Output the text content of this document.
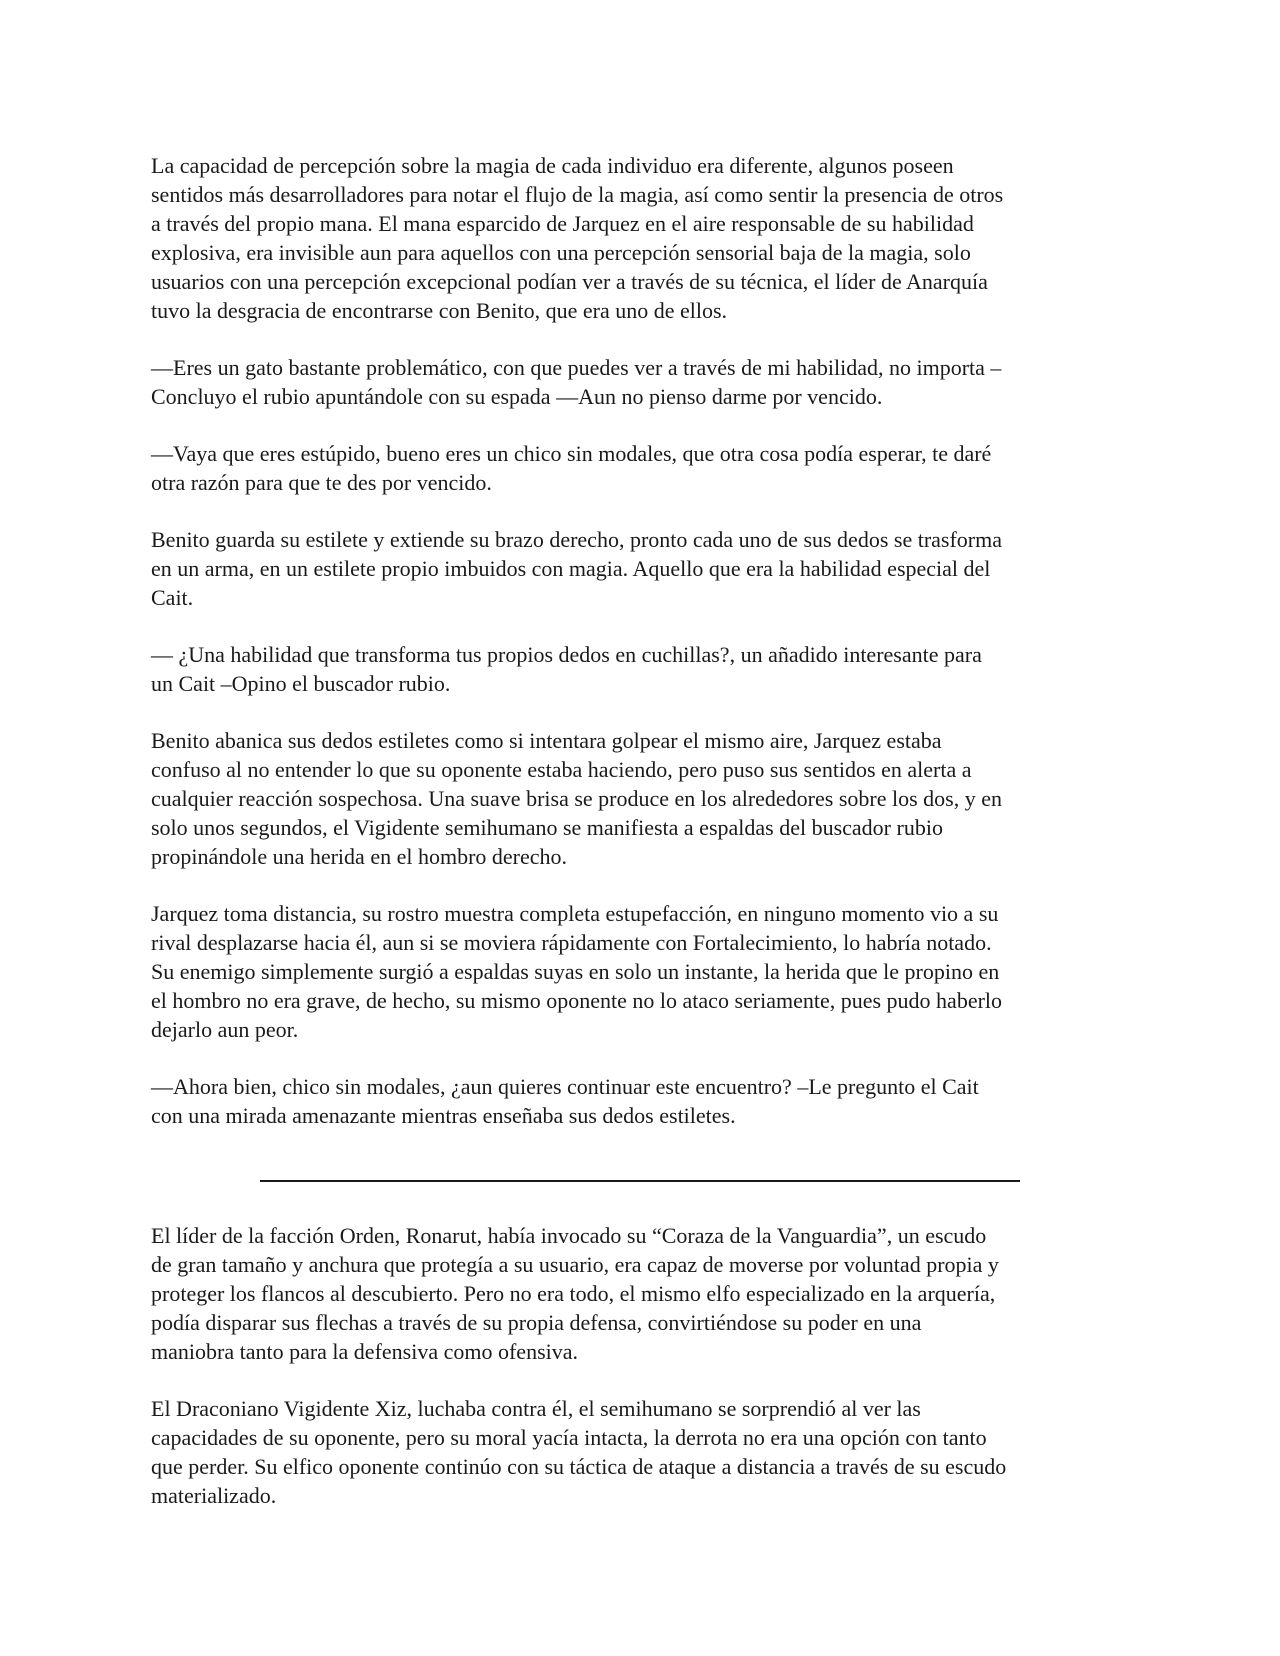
La capacidad de percepción sobre la magia de cada individuo era diferente, algunos poseen
sentidos más desarrolladores para notar el flujo de la magia, así como sentir la presencia de otros
a través del propio mana. El mana esparcido de Jarquez en el aire responsable de su habilidad
explosiva, era invisible aun para aquellos con una percepción sensorial baja de la magia, solo
usuarios con una percepción excepcional podían ver a través de su técnica, el líder de Anarquía
tuvo la desgracia de encontrarse con Benito, que era uno de ellos.

—Eres un gato bastante problemático, con que puedes ver a través de mi habilidad, no importa –
Concluyo el rubio apuntándole con su espada —Aun no pienso darme por vencido.

—Vaya que eres estúpido, bueno eres un chico sin modales, que otra cosa podía esperar, te daré
otra razón para que te des por vencido.

Benito guarda su estilete y extiende su brazo derecho, pronto cada uno de sus dedos se trasforma
en un arma, en un estilete propio imbuidos con magia. Aquello que era la habilidad especial del
Cait.

— ¿Una habilidad que transforma tus propios dedos en cuchillas?, un añadido interesante para
un Cait –Opino el buscador rubio.

Benito abanica sus dedos estiletes como si intentara golpear el mismo aire, Jarquez estaba
confuso al no entender lo que su oponente estaba haciendo, pero puso sus sentidos en alerta a
cualquier reacción sospechosa. Una suave brisa se produce en los alrededores sobre los dos, y en
solo unos segundos, el Vigidente semihumano se manifiesta a espaldas del buscador rubio
propinándole una herida en el hombro derecho.

Jarquez toma distancia, su rostro muestra completa estupefacción, en ninguno momento vio a su
rival desplazarse hacia él, aun si se moviera rápidamente con Fortalecimiento, lo habría notado.
Su enemigo simplemente surgió a espaldas suyas en solo un instante, la herida que le propino en
el hombro no era grave, de hecho, su mismo oponente no lo ataco seriamente, pues pudo haberlo
dejarlo aun peor.

—Ahora bien, chico sin modales, ¿aun quieres continuar este encuentro? –Le pregunto el Cait
con una mirada amenazante mientras enseñaba sus dedos estiletes.

El líder de la facción Orden, Ronarut, había invocado su “Coraza de la Vanguardia”, un escudo
de gran tamaño y anchura que protegía a su usuario, era capaz de moverse por voluntad propia y
proteger los flancos al descubierto. Pero no era todo, el mismo elfo especializado en la arquería,
podía disparar sus flechas a través de su propia defensa, convirtiéndose su poder en una
maniobra tanto para la defensiva como ofensiva.

El Draconiano Vigidente Xiz, luchaba contra él, el semihumano se sorprendió al ver las
capacidades de su oponente, pero su moral yacía intacta, la derrota no era una opción con tanto
que perder. Su elfico oponente continúo con su táctica de ataque a distancia a través de su escudo
materializado.
